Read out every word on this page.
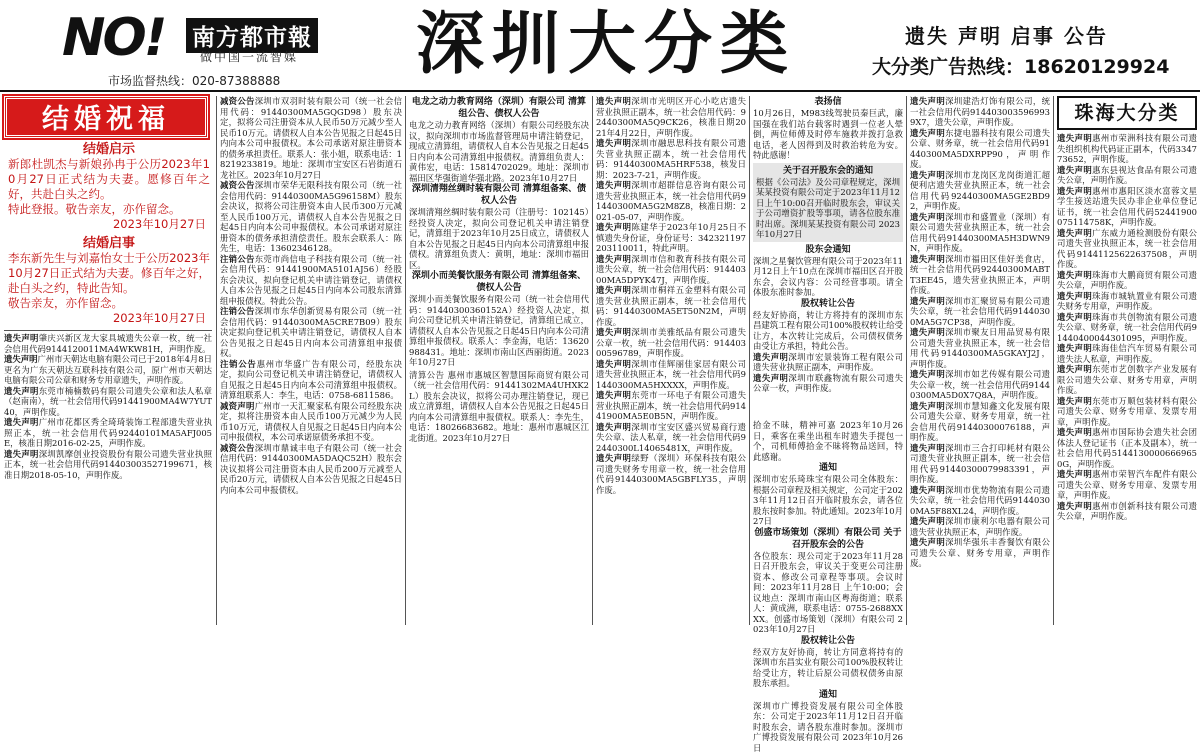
NO! 南方都市報
做中国一流智媒
市场监督热线：020-87388888 深圳大分类	遗失 声明 启事 公告
大分类广告热线：18620129924
结婚祝福

结婚启示

新郎杜凯杰与新娘孙冉于公历2023年10月27日正式结为夫妻。愿修百年之好，共赴白头之约。

特此登报。敬告亲友，亦作留念。

2023年10月27日

结婚启事

李东新先生与刘嘉怡女士于公历2023年10月27日正式结为夫妻。修百年之好，赴白头之约，特此告知。

敬告亲友，亦作留念。

2023年10月27日

遗失声明肇庆兴新区龙大家具城遗失公章一枚，统一社会信用代码9144120011MA4WKW81H，声明作废。

遗失声明广州市天朝达电脑有限公司已于2018年4月8日更名为广东天朝达互联科技有限公司，原广州市天朝达电脑有限公司公章和财务专用章遗失，声明作废。

遗失声明东莞市楠楠数码有限公司遗失公章和法人私章（赵南南），统一社会信用代码91441900MA4W7YUT40，声明作废。

遗失声明广州市花都区秀全琦琦装饰工程部遗失营业执照正本，统一社会信用代码92440101MA5AFJ005E，核准日期2016-02-25，声明作废。

遗失声明深圳凯摩创业投资股份有限公司遗失营业执照正本，统一社会信用代码914403003527199671，核准日期2018-05-10，声明作废。

减资公告深圳市双羽时装有限公司（统一社会信用代码：91440300MA5GQGD98）股东决定，拟将公司注册资本从人民币50万元减少至人民币10万元。请债权人自本公告见报之日起45日内向本公司申报债权。本公司承诺对原注册资本的债务承担责任。联系人：张小姐，联系电话：18219233819。地址：深圳市宝安区石岩街道石龙社区。2023年10月27日

减资公告深圳市荣华无限科技有限公司（统一社会信用代码：91440300MA5G96158M）股东会决议，拟将公司注册资本由人民币300万元减至人民币100万元，请债权人自本公告见报之日起45日内向本公司申报债权。本公司承诺对原注册资本的债务承担清偿责任。股东会联系人：陈先生，电话：13602346128。

注销公告东莞市尚信电子科技有限公司（统一社会信用代码：91441900MA5101AJ56）经股东会决议，拟向登记机关申请注销登记，请债权人自本公告见报之日起45日内向本公司股东清算组申报债权。特此公告。

注销公告深圳市东华创新贸易有限公司（统一社会信用代码：91440300MA5CRE7B09）股东决定拟向登记机关申请注销登记，请债权人自本公告见报之日起45日内向本公司清算组申报债权。

注销公告惠州市华盛广告有限公司，经股东决定，拟向公司登记机关申请注销登记，请债权人自见报之日起45日内向本公司清算组申报债权。清算组联系人：李生，电话：0758-6811586。

减资声明广州市一天汇聚家私有限公司经股东决定，拟将注册资本由人民币100万元减少为人民币10万元，请债权人自见报之日起45日内向本公司申报债权，本公司承诺原债务承担不变。

减资公告深圳市鼎诚丰电子有限公司（统一社会信用代码：91440300MA5DAQC52H）股东会决议拟将公司注册资本由人民币200万元减至人民币20万元，请债权人自本公告见报之日起45日内向本公司申报债权。

电龙之动力教育网络（深圳）有限公司 清算组公告、债权人公告

电龙之动力教育网络（深圳）有限公司经股东决议，拟向深圳市市场监督管理局申请注销登记，现成立清算组，请债权人自本公告见报之日起45日内向本公司清算组申报债权。清算组负责人：黄伟宏，电话：15814702029。地址：深圳市福田区华强街道华强北路。2023年10月27日

深圳清翔丝绸时装有限公司 清算组备案、债权人公告

深圳清翔丝绸时装有限公司（注册号：102145）经投资人决定，拟向公司登记机关申请注销登记，清算组于2023年10月25日成立，请债权人自本公告见报之日起45日内向本公司清算组申报债权。清算组负责人：黄明，地址：深圳市福田区。

深圳小而美餐饮服务有限公司 清算组备案、债权人公告

深圳小而美餐饮服务有限公司（统一社会信用代码：91440300360152A）经投资人决定，拟向公司登记机关申请注销登记，清算组已成立，请债权人自本公告见报之日起45日内向本公司清算组申报债权。联系人：李金海，电话：13620988431。地址：深圳市南山区西丽街道。2023年10月27日

清算公告 惠州市惠城区智慧国际商贸有限公司（统一社会信用代码：91441302MA4UHXK2L）股东会决议，拟将公司办理注销登记，现已成立清算组，请债权人自本公告见报之日起45日内向本公司清算组申报债权。联系人：李先生，电话：18026683682。地址：惠州市惠城区江北街道。2023年10月27日

遗失声明深圳市光明区开心小吃店遗失营业执照正副本，统一社会信用代码：92440300MA5Q9CK26，核准日期2021年4月22日，声明作废。

遗失声明深圳市融思思科技有限公司遗失营业执照正副本，统一社会信用代码：91440300MA5HRF538，核发日期：2023-7-21，声明作废。

遗失声明深圳市超群信息咨询有限公司遗失营业执照正本，统一社会信用代码91440300MA5G2M8Z8，核准日期：2021-05-07，声明作废。

遗失声明陈建华于2023年10月25日不慎遗失身份证，身份证号：342321197203110011，特此声明。

遗失声明深圳市信和教育科技有限公司遗失公章，统一社会信用代码：91440300MA5DPYK47J，声明作废。

遗失声明深圳市桐祥五金塑料有限公司遗失营业执照正副本，统一社会信用代码：91440300MA5ET50N2M，声明作废。

遗失声明深圳市美雅纸品有限公司遗失公章一枚，统一社会信用代码：91440300596789，声明作废。

遗失声明深圳市佳辉丽佳家居有限公司遗失营业执照正本，统一社会信用代码91440300MA5HXXXX，声明作废。

遗失声明东莞市一环电子有限公司遗失营业执照正副本，统一社会信用代码91441900MA5E0B5N，声明作废。

遗失声明深圳市宝安区盛兴贸易商行遗失公章、法人私章，统一社会信用代码92440300L14065481X，声明作废。

遗失声明绿野（深圳）环保科技有限公司遗失财务专用章一枚，统一社会信用代码91440300MA5GBFLY35，声明作废。

表扬信

10月26日，M983线驾驶员秦巨武，廉国强在我们站台载客时遇到一位老人晕倒，两位师傅及时停车施救并拨打急救电话，老人因得到及时救治转危为安。特此感谢！

关于召开股东会的通知

根据《公司法》及公司章程规定，深圳某某投资有限公司定于2023年11月12日上午10:00召开临时股东会，审议关于公司增资扩股等事项，请各位股东准时出席。深圳某某投资有限公司 2023年10月27日

股东会通知

深圳之星餐饮管理有限公司于2023年11月12日上午10点在深圳市福田区召开股东会，会议内容：公司经营事项。请全体股东准时参加。

股权转让公告

经友好协商，转让方将持有的深圳市东昌建筑工程有限公司100%股权转让给受让方，本次转让完成后，公司债权债务由受让方承担，特此公告。

遗失声明深圳市宏景装饰工程有限公司遗失营业执照正副本，声明作废。

遗失声明深圳市联鑫物流有限公司遗失公章一枚，声明作废。

遗失声明深圳建浩灯饰有限公司，统一社会信用代码9144030035969939X7，遗失公章，声明作废。

遗失声明东捷电器科技有限公司遗失公章、财务章，统一社会信用代码91440300MA5DXRPP90，声明作废。

遗失声明深圳市龙岗区龙岗街道汇超便利店遗失营业执照正本，统一社会信用代码92440300MA5GE2BD92，声明作废。

遗失声明深圳市和盛置业（深圳）有限公司遗失营业执照正本，统一社会信用代码91440300MA5H3DWN9N，声明作废。

遗失声明深圳市福田区佳好美食店，统一社会信用代码92440300MABTT3EE45，遗失营业执照正本，声明作废。

遗失声明深圳市汇聚贸易有限公司遗失公章，统一社会信用代码91440300MA5G7CP38，声明作废。

遗失声明深圳市聚友日用品贸易有限公司遗失营业执照正本，统一社会信用代码91440300MA5GKAYJ2J，声明作废。

遗失声明深圳市如艺传媒有限公司遗失公章一枚，统一社会信用代码91440300MA5D0X7Q8A，声明作废。

遗失声明深圳市慧知鑫文化发展有限公司遗失公章、财务专用章，统一社会信用代码91440300076188，声明作废。

遗失声明深圳市三合打印耗材有限公司遗失营业执照正副本，统一社会信用代码91440300079983391，声明作废。

遗失声明深圳市优势物流有限公司遗失公章，统一社会信用代码91440300MA5F88XL24，声明作废。

遗失声明深圳市康利尔电器有限公司遗失营业执照正本，声明作废。

遗失声明深圳华强乐丰香餐饮有限公司遗失公章、财务专用章，声明作废。

珠海大分类

遗失声明惠州市荣洲科技有限公司遗失组织机构代码证正副本，代码334773652，声明作废。

遗失声明惠东县视达食品有限公司遗失公章，声明作废。

遗失声明惠州市惠阳区淡水富蓉文星学生接送站遗失民办非企业单位登记证书，统一社会信用代码52441900075114758K，声明作废。

遗失声明广东威力通检测股份有限公司遗失营业执照正本，统一社会信用代码91441125622637508，声明作废。

遗失声明珠海市大鹏商贸有限公司遗失公章，声明作废。

遗失声明珠海市城轨置业有限公司遗失财务专用章，声明作废。

遗失声明珠海市共创物流有限公司遗失公章、财务章，统一社会信用代码91440400044301095，声明作废。

遗失声明珠海佳信汽车贸易有限公司遗失法人私章，声明作废。

遗失声明东莞市艺创数字产业发展有限公司遗失公章、财务专用章，声明作废。

遗失声明东莞市万顺包装材料有限公司遗失公章、财务专用章、发票专用章，声明作废。

遗失声明惠州市国际协会遗失社会团体法人登记证书（正本及副本），统一社会信用代码51441300006669650G，声明作废。

遗失声明惠州市荣智汽车配件有限公司遗失公章、财务专用章、发票专用章，声明作废。

遗失声明惠州市创新科技有限公司遗失公章，声明作废。

拾金不昧，精神可嘉 2023年10月26日，乘客在乘坐出租车时遗失手提包一个，司机师傅拾金不昧将物品送回，特此感谢。

通知

深圳市宏乐琦珠宝有限公司全体股东：根据公司章程及相关规定，公司定于2023年11月12日召开临时股东会，请各位股东按时参加。特此通知。2023年10月27日

创盛市场策划（深圳）有限公司 关于召开股东会的公告

各位股东：现公司定于2023年11月28日召开股东会，审议关于变更公司注册资本、修改公司章程等事项。会议时间：2023年11月28日 上午10:00；会议地点：深圳市南山区粤海街道；联系人：黄成洲，联系电话：0755-2688XXXX。创盛市场策划（深圳）有限公司 2023年10月27日

股权转让公告

经双方友好协商，转让方同意将持有的深圳市东昌实业有限公司100%股权转让给受让方，转让后原公司债权债务由原股东承担。

通知

深圳市广博投资发展有限公司全体股东：公司定于2023年11月12日召开临时股东会，请各股东准时参加。深圳市广博投资发展有限公司 2023年10月26日
